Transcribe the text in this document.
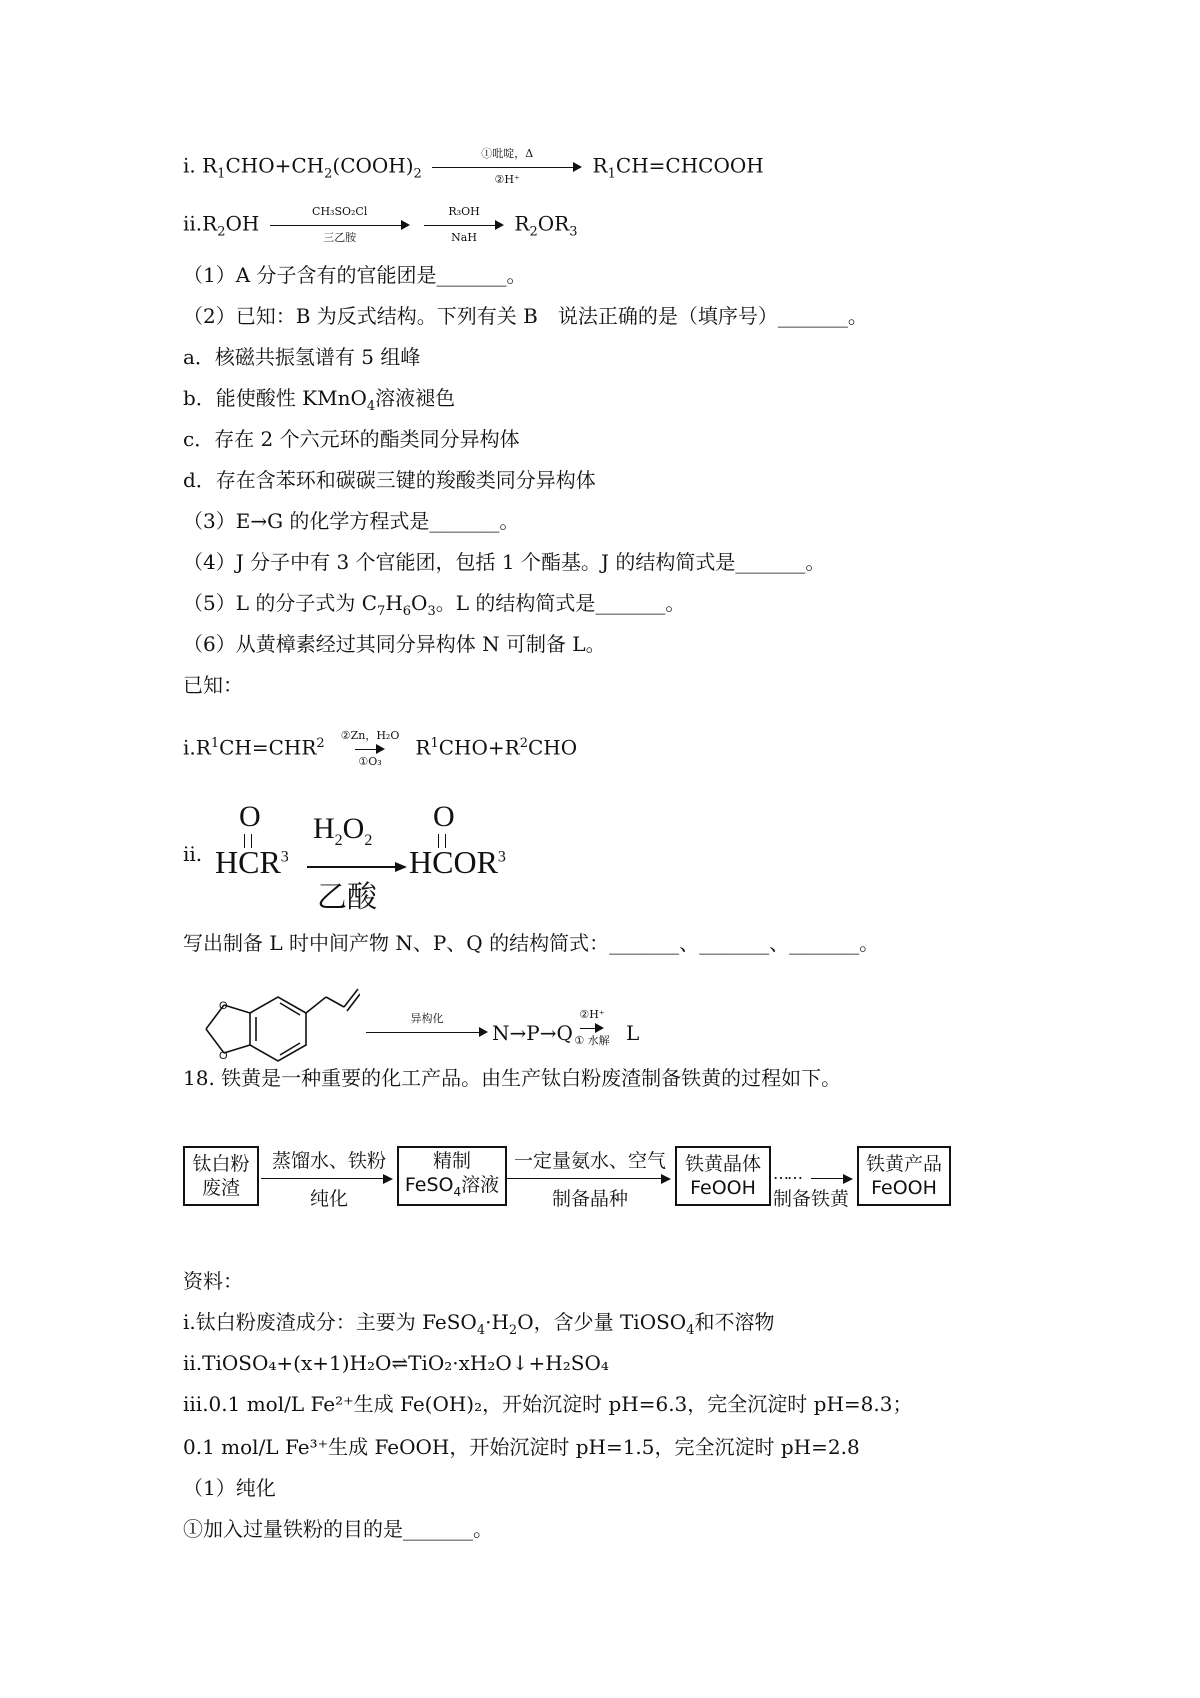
i. $R_1CHO+CH_2(COOH)_2$
①吡啶，Δ
②H⁺
$R_1CH=CHCOOH$
$ii.R_2OH$	CH₃SO₂Cl
三乙胺

R₃OH
NaH
$R_2OR_3$
（1）A 分子含有的官能团是_______。
（2）已知：B 为反式结构。下列有关 B　说法正确的是（填序号）_______。
a．核磁共振氢谱有 5 组峰
b．能使酸性 KMnO$_4$溶液褪色
c．存在 2 个六元环的酯类同分异构体
d．存在含苯环和碳碳三键的羧酸类同分异构体
（3）E→G 的化学方程式是_______。
（4）J 分子中有 3 个官能团，包括 1 个酯基。J 的结构简式是_______。
（5）L 的分子式为 $C_7H_6O_3$。L 的结构简式是_______。
（6）从黄樟素经过其同分异构体 N 可制备 L。
已知：
$i.R^1CH=CHR^2$
②Zn，H₂O
①O₃
$R^1CHO+R^2CHO$
ii.
O
HCR$^3$
$H_2O_2$
乙酸
O
HCOR$^3$
写出制备 L 时中间产物 N、P、Q 的结构简式：_______、_______、_______。
O
O
异构化
N→P→Q
②H⁺
① 水解 L
18. 铁黄是一种重要的化工产品。由生产钛白粉废渣制备铁黄的过程如下。
钛白粉
废渣
蒸馏水、铁粉
纯化
精制
FeSO$_4$溶液
一定量氨水、空气
制备晶种
铁黄晶体
FeOOH
……
制备铁黄
铁黄产品
FeOOH
资料：
i.钛白粉废渣成分：主要为 $FeSO_4\cdot H_2O$，含少量 TiOSO$_4$和不溶物
ii.TiOSO₄+(x+1)H₂O⇌TiO₂·xH₂O↓+H₂SO₄
iii.0.1 mol/L Fe²⁺生成 Fe(OH)₂，开始沉淀时 pH=6.3，完全沉淀时 pH=8.3；
0.1 mol/L Fe³⁺生成 FeOOH，开始沉淀时 pH=1.5，完全沉淀时 pH=2.8
（1）纯化
①加入过量铁粉的目的是_______。
